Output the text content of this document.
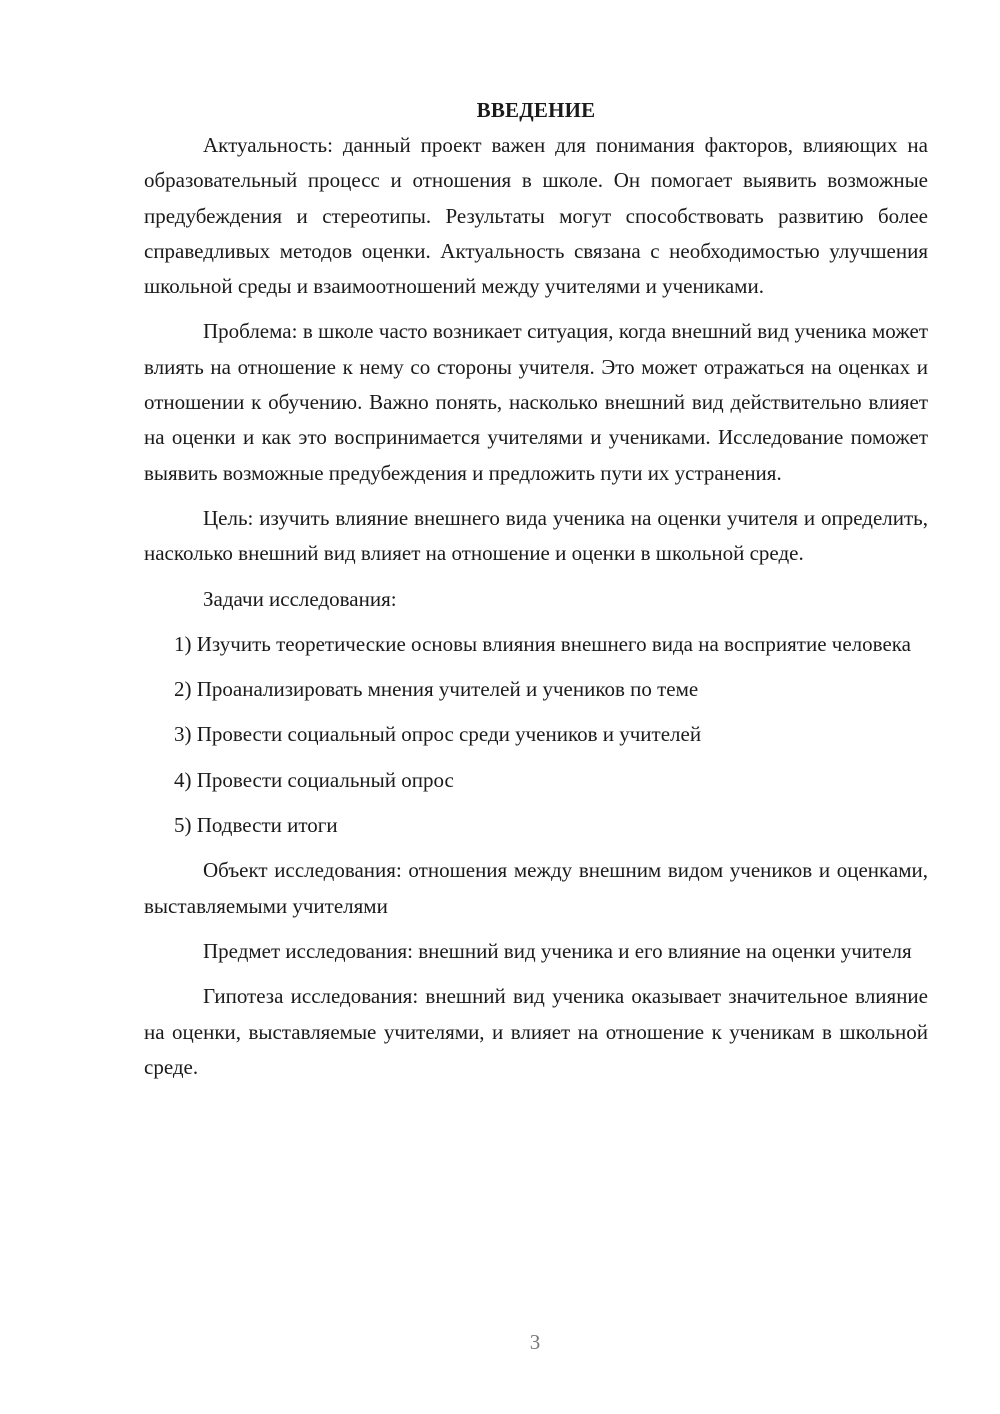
ВВЕДЕНИЕ

Актуальность: данный проект важен для понимания факторов, влияющих на образовательный процесс и отношения в школе. Он помогает выявить возможные предубеждения и стереотипы. Результаты могут способствовать развитию более справедливых методов оценки. Актуальность связана с необходимостью улучшения школьной среды и взаимоотношений между учителями и учениками.

Проблема: в школе часто возникает ситуация, когда внешний вид ученика может влиять на отношение к нему со стороны учителя. Это может отражаться на оценках и отношении к обучению. Важно понять, насколько внешний вид действительно влияет на оценки и как это воспринимается учителями и учениками. Исследование поможет выявить возможные предубеждения и предложить пути их устранения.

Цель: изучить влияние внешнего вида ученика на оценки учителя и определить, насколько внешний вид влияет на отношение и оценки в школьной среде.

Задачи исследования:

1) Изучить теоретические основы влияния внешнего вида на восприятие человека

2) Проанализировать мнения учителей и учеников по теме

3) Провести социальный опрос среди учеников и учителей

4) Провести социальный опрос

5) Подвести итоги

Объект исследования: отношения между внешним видом учеников и оценками, выставляемыми учителями

Предмет исследования: внешний вид ученика и его влияние на оценки учителя

Гипотеза исследования: внешний вид ученика оказывает значительное влияние на оценки, выставляемые учителями, и влияет на отношение к ученикам в школьной среде.

3
